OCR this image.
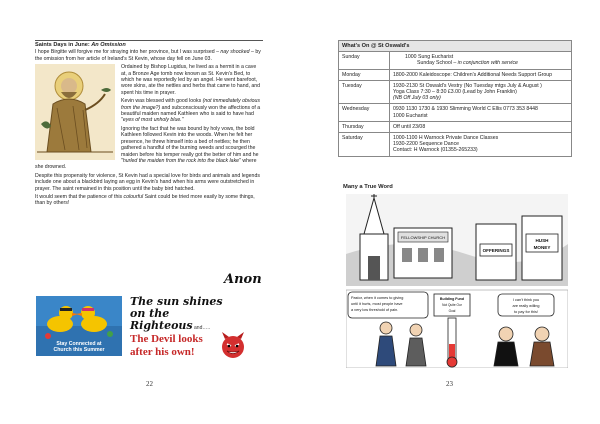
Saints Days in June: An Omission

I hope Birgitte will forgive me for straying into her province, but I was surprised – nay shocked – by the omission from her article of Ireland's St Kevin, whose day fell on June 03.

Ordained by Bishop Lugidus, he lived as a hermit in a cave at, a Bronze Age tomb now known as St. Kevin's Bed, to which he was reportedly led by an angel. He went barefoot, wore skins, ate the nettles and herbs that came to hand, and spent his time in prayer.

Kevin was blessed with good looks (not immediately obvious from the image?) and subconsciously won the affections of a beautiful maiden named Kathleen who is said to have had "eyes of most unholy blue."

Ignoring the fact that he was bound by holy vows, the bold Kathleen followed Kevin into the woods. When he felt her presence, he threw himself into a bed of nettles; he then gathered a handful of the burning weeds and scourged the maiden before his temper really got the better of him and he "hurled the maiden from the rock into the black lake" where she drowned.

Despite this propensity for violence, St Kevin had a special love for birds and animals and legends include one about a blackbird laying an egg in Kevin's hand when his arms were outstretched in prayer. The saint remained in this position until the baby bird hatched.

It would seem that the patience of this colourful Saint could be tried more easily by some things, than by others!

Anon
Stay Connected at
Church this Summer
The sun shines on the
Righteous and…..
The Devil looks
after his own!
22
What's On @ St Oswald's
Sunday	1000 Sung Eucharist
Sunday School – in conjunction with service
Monday	1800-2000 Kaleidoscope: Children's Additional Needs Support Group
Tuesday	1930-2130 St Oswald's Vestry (No Tuesday mtgs July & August )
Yoga Class 7:30 – 8:30 £3.00 (Lead by John Franklin)
(NB Off July 03 only)
Wednesday	0930 1130 1730 & 1930 Slimming World C Ellis 0773 353 8448
1000 Eucharist
Thursday	Off until 23/08
Saturday	1000-1100 H Warnock Private Dance Classes
1930-2200 Sequence Dance
Contact: H Warnock (01355-265233)
Many a True Word
FELLOWSHIP CHURCH
OFFERINGS
HUSH
MONEY
Pastor, when it comes to giving
until it hurts, most people have
a very low threshold of pain.
Building Fund
Not Quite Our
Goal
I can't think you
are really willing
to pay for this!
23
